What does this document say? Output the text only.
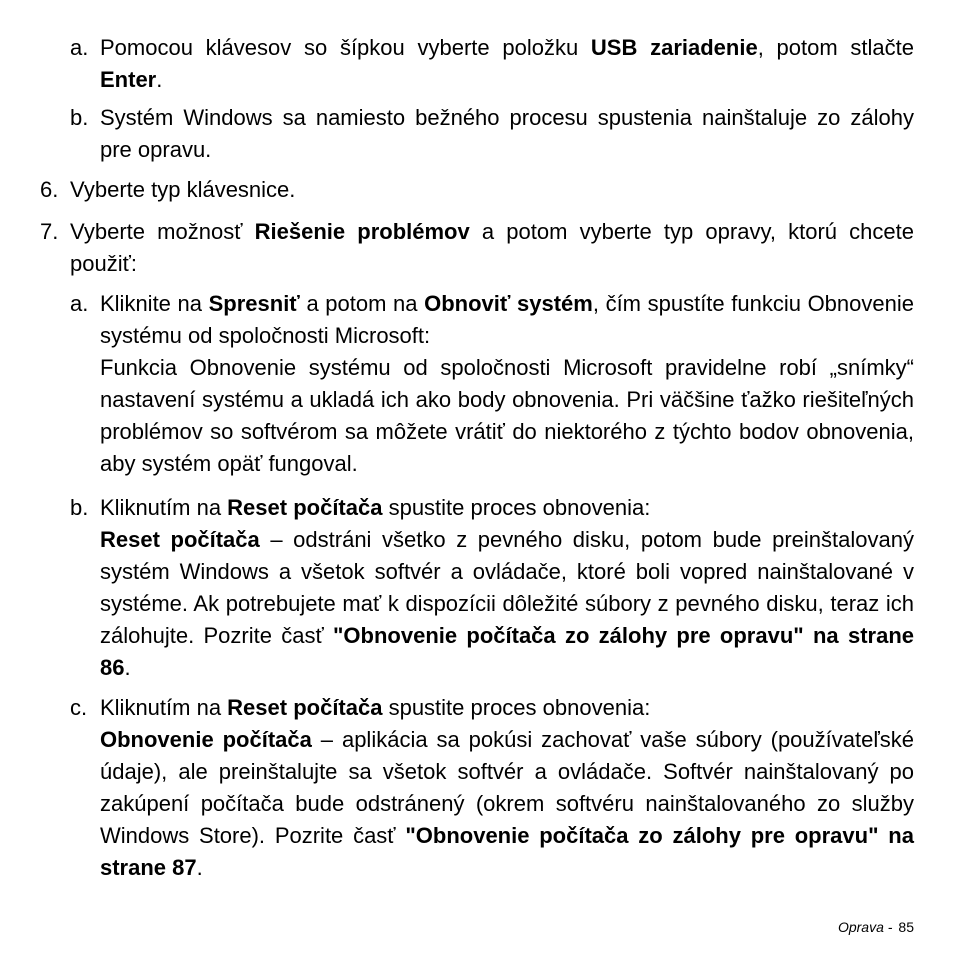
a. Pomocou klávesov so šípkou vyberte položku USB zariadenie, potom stlačte Enter.
b. Systém Windows sa namiesto bežného procesu spustenia nainštaluje zo zálohy pre opravu.
6. Vyberte typ klávesnice.
7. Vyberte možnosť Riešenie problémov a potom vyberte typ opravy, ktorú chcete použiť:
a. Kliknite na Spresniť a potom na Obnoviť systém, čím spustíte funkciu Obnovenie systému od spoločnosti Microsoft:
Funkcia Obnovenie systému od spoločnosti Microsoft pravidelne robí „snímky“ nastavení systému a ukladá ich ako body obnovenia. Pri väčšine ťažko riešiteľných problémov so softvérom sa môžete vrátiť do niektorého z týchto bodov obnovenia, aby systém opäť fungoval.
b. Kliknutím na Reset počítača spustite proces obnovenia:
Reset počítača – odstráni všetko z pevného disku, potom bude preinštalovaný systém Windows a všetok softvér a ovládače, ktoré boli vopred nainštalované v systéme. Ak potrebujete mať k dispozícii dôležité súbory z pevného disku, teraz ich zálohujte. Pozrite časť "Obnovenie počítača zo zálohy pre opravu" na strane 86.
c. Kliknutím na Reset počítača spustite proces obnovenia:
Obnovenie počítača – aplikácia sa pokúsi zachovať vaše súbory (používateľské údaje), ale preinštalujte sa všetok softvér a ovládače. Softvér nainštalovaný po zakúpení počítača bude odstránený (okrem softvéru nainštalovaného zo služby Windows Store). Pozrite časť "Obnovenie počítača zo zálohy pre opravu" na strane 87.
Oprava - 85
